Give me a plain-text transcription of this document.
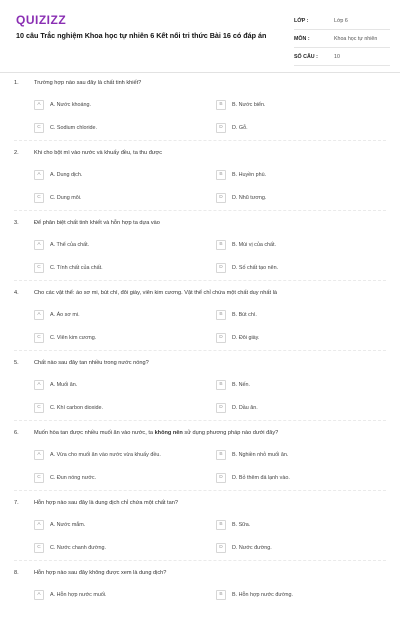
QUIZIZZ
10 câu Trắc nghiệm Khoa học tự nhiên 6 Kết nối tri thức Bài 16 có đáp án
LỚP :	Lớp 6
MÔN :	Khoa học tự nhiên
SỐ CÂU :	10
1.	Trường hợp nào sau đây là chất tinh khiết?
A	A. Nước khoáng.	B	B. Nước biển.
C	C. Sodium chloride.	D	D. Gỗ.
2.	Khi cho bột mì vào nước và khuấy đều, ta thu được
A	A. Dung dịch.	B	B. Huyền phù.
C	C. Dung môi.	D	D. Nhũ tương.
3.	Để phân biệt chất tinh khiết và hỗn hợp ta dựa vào
A	A. Thể của chất.	B	B. Mùi vị của chất.
C	C. Tính chất của chất.	D	D. Số chất tạo nên.
4.	Cho các vật thể: áo sơ mi, bút chì, đôi giày, viên kim cương. Vật thể chỉ chứa một chất duy nhất là
A	A. Áo sơ mi.	B	B. Bút chì.
C	C. Viên kim cương.	D	D. Đôi giày.
5.	Chất nào sau đây tan nhiều trong nước nóng?
A	A. Muối ăn.	B	B. Nến.
C	C. Khí carbon dioxide.	D	D. Dầu ăn.
6.	Muốn hòa tan được nhiều muối ăn vào nước, ta không nên sử dụng phương pháp nào dưới đây?
A	A. Vừa cho muối ăn vào nước vừa khuấy đều.	B	B. Nghiền nhỏ muối ăn.
C	C. Đun nóng nước.	D	D. Bỏ thêm đá lạnh vào.
7.	Hỗn hợp nào sau đây là dung dịch chỉ chứa một chất tan?
A	A. Nước mắm.	B	B. Sữa.
C	C. Nước chanh đường.	D	D. Nước đường.
8.	Hỗn hợp nào sau đây không được xem là dung dịch?
A	A. Hỗn hợp nước muối.	B	B. Hỗn hợp nước đường.
